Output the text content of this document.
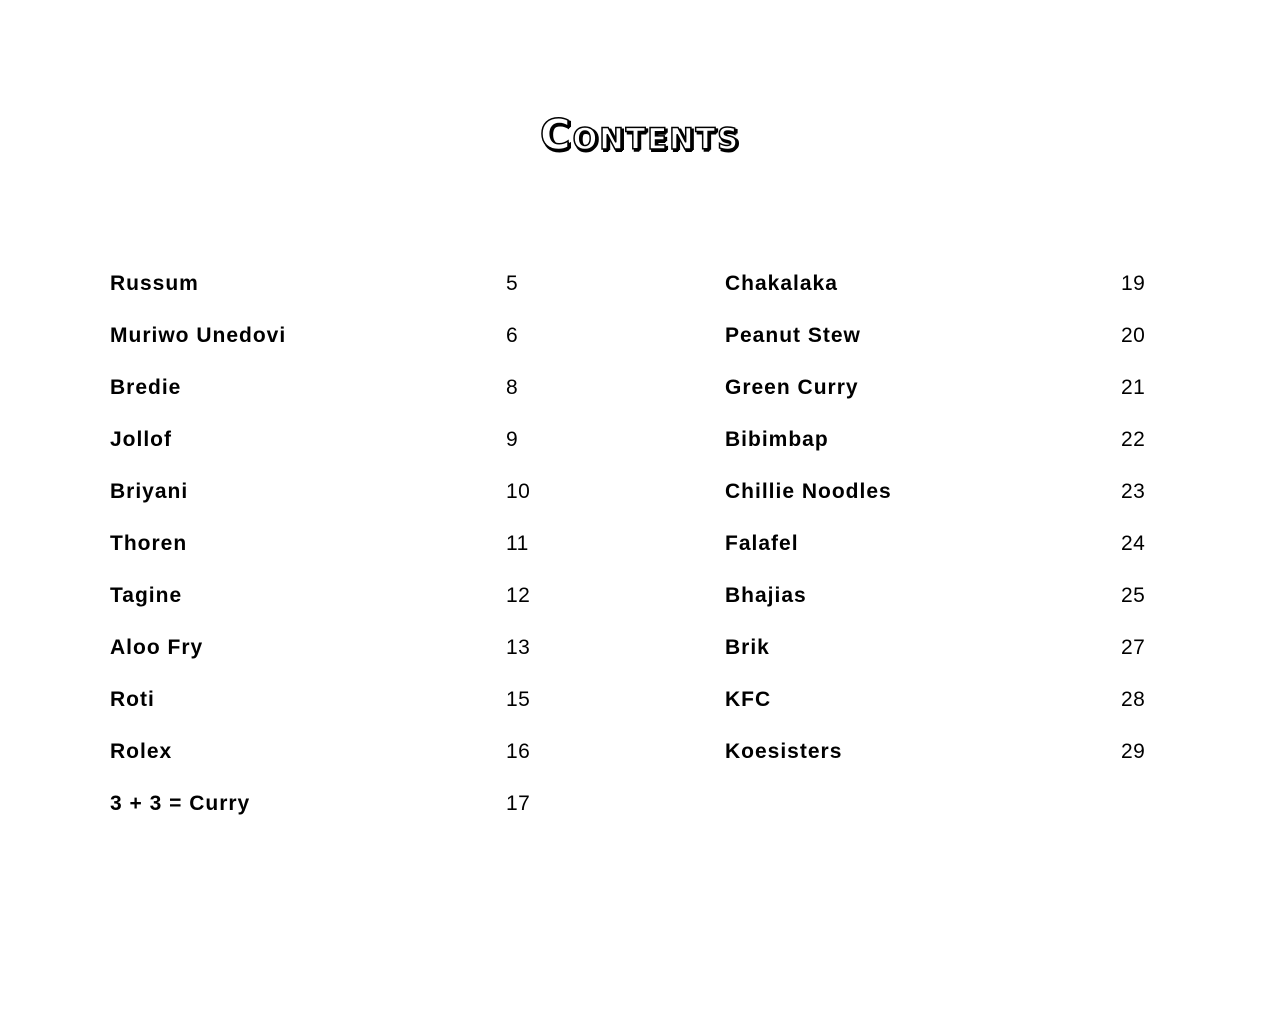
Contents
Russum	5
Muriwo Unedovi	6
Bredie	8
Jollof	9
Briyani	10
Thoren	11
Tagine	12
Aloo Fry	13
Roti	15
Rolex	16
3 + 3 = Curry	17
Chakalaka	19
Peanut Stew	20
Green Curry	21
Bibimbap	22
Chillie Noodles	23
Falafel	24
Bhajias	25
Brik	27
KFC	28
Koesisters	29
